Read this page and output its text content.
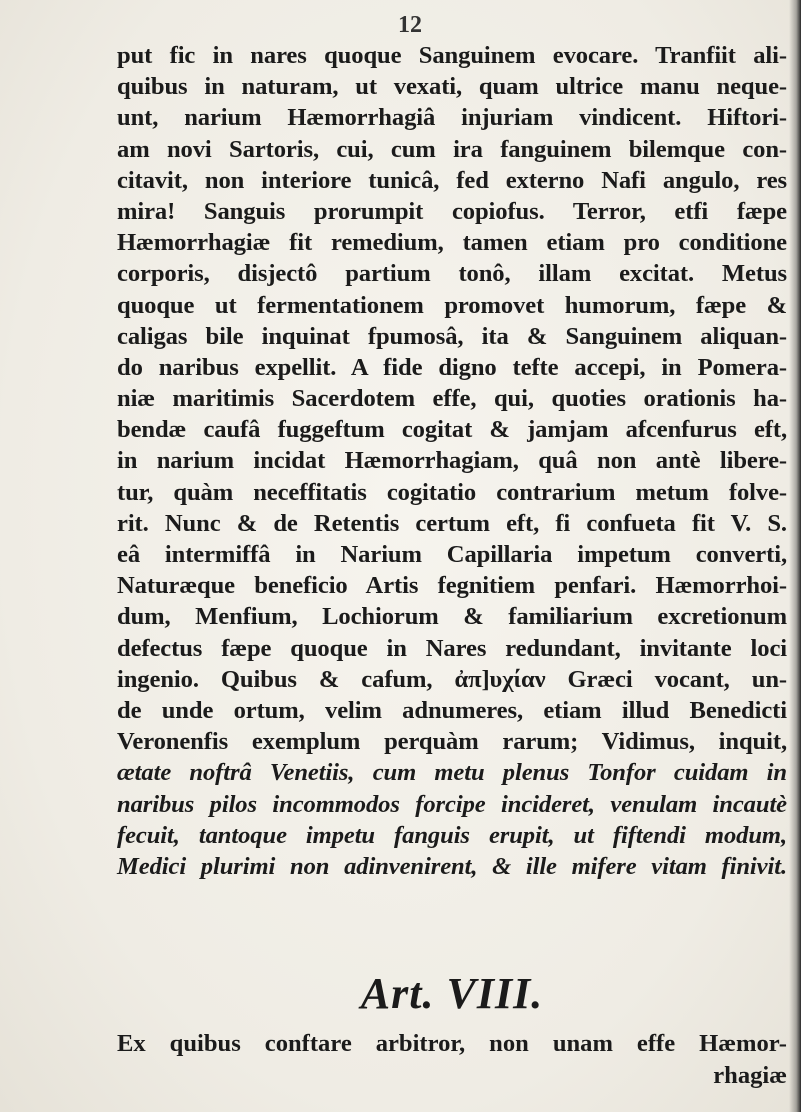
12
put fic in nares quoque Sanguinem evocare. Tranfiit ali-
quibus in naturam, ut vexati, quam ultrice manu neque-
unt, narium Hæmorrhagiâ injuriam vindicent. Hiftori-
am novi Sartoris, cui, cum ira fanguinem bilemque con-
citavit, non interiore tunicâ, fed externo Nafi angulo, res
mira! Sanguis prorumpit copiofus. Terror, etfi fæpe
Hæmorrhagiæ fit remedium, tamen etiam pro conditione
corporis, disjectô partium tonô, illam excitat. Metus
quoque ut fermentationem promovet humorum, fæpe &
caligas bile inquinat fpumosâ, ita & Sanguinem aliquan-
do naribus expellit. A fide digno tefte accepi, in Pomera-
niæ maritimis Sacerdotem effe, qui, quoties orationis ha-
bendæ caufâ fuggeftum cogitat & jamjam afcenfurus eft,
in narium incidat Hæmorrhagiam, quâ non antè libere-
tur, quàm neceffitatis cogitatio contrarium metum folve-
rit. Nunc & de Retentis certum eft, fi confueta fit V. S.
eâ intermiffâ in Narium Capillaria impetum converti,
Naturæque beneficio Artis fegnitiem penfari. Hæmorrhoi-
dum, Menfium, Lochiorum & familiarium excretionum
defectus fæpe quoque in Nares redundant, invitante loci
ingenio. Quibus & cafum, ἀπ]υχίαν Græci vocant, un-
de unde ortum, velim adnumeres, etiam illud Benedicti
Veronenfis exemplum perquàm rarum; Vidimus, inquit,
ætate noftrâ Venetiis, cum metu plenus Tonfor cuidam in
naribus pilos incommodos forcipe incideret, venulam incautè
fecuit, tantoque impetu fanguis erupit, ut fiftendi modum,
Medici plurimi non adinvenirent, & ille mifere vitam finivit.
Art. VIII.
Ex quibus conftare arbitror, non unam effe Hæmor-
rhagiæ
